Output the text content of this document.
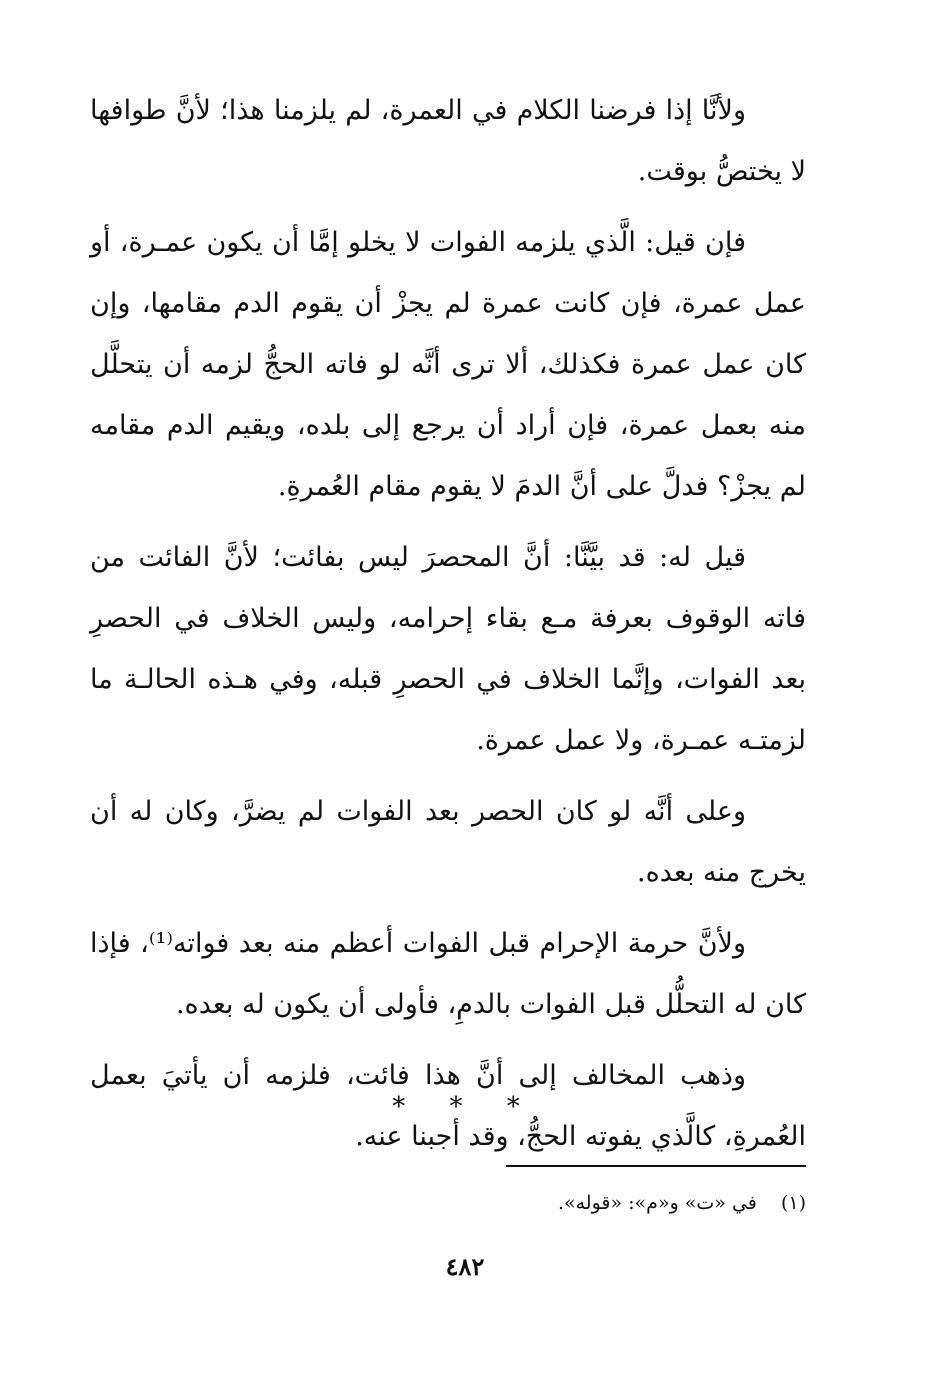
ولأنَّا إذا فرضنا الكلام في العمرة، لم يلزمنا هذا؛ لأنَّ طوافها لا يختصُّ بوقت.

فإن قيل: الَّذي يلزمه الفوات لا يخلو إمَّا أن يكون عمـرة، أو عمل عمرة، فإن كانت عمرة لم يجزْ أن يقوم الدم مقامها، وإن كان عمل عمرة فكذلك، ألا ترى أنَّه لو فاته الحجُّ لزمه أن يتحلَّل منه بعمل عمرة، فإن أراد أن يرجع إلى بلده، ويقيم الدم مقامه لم يجزْ؟ فدلَّ على أنَّ الدمَ لا يقوم مقام العُمرةِ.

قيل له: قد بيَّنَّا: أنَّ المحصرَ ليس بفائت؛ لأنَّ الفائت من فاته الوقوف بعرفة مـع بقاء إحرامه، وليس الخلاف في الحصرِ بعد الفوات، وإنَّما الخلاف في الحصرِ قبله، وفي هـذه الحالـة ما لزمتـه عمـرة، ولا عمل عمرة.

وعلى أنَّه لو كان الحصر بعد الفوات لم يضرَّ، وكان له أن يخرج منه بعده.

ولأنَّ حرمة الإحرام قبل الفوات أعظم منه بعد فواته⁽¹⁾، فإذا كان له التحلُّل قبل الفوات بالدمِ، فأولى أن يكون له بعده.

وذهب المخالف إلى أنَّ هذا فائت، فلزمه أن يأتيَ بعمل العُمرةِ، كالَّذي يفوته الحجُّ، وقد أجبنا عنه.

* * *
(١) في «ت» و«م»: «قوله».
٤٨٢
